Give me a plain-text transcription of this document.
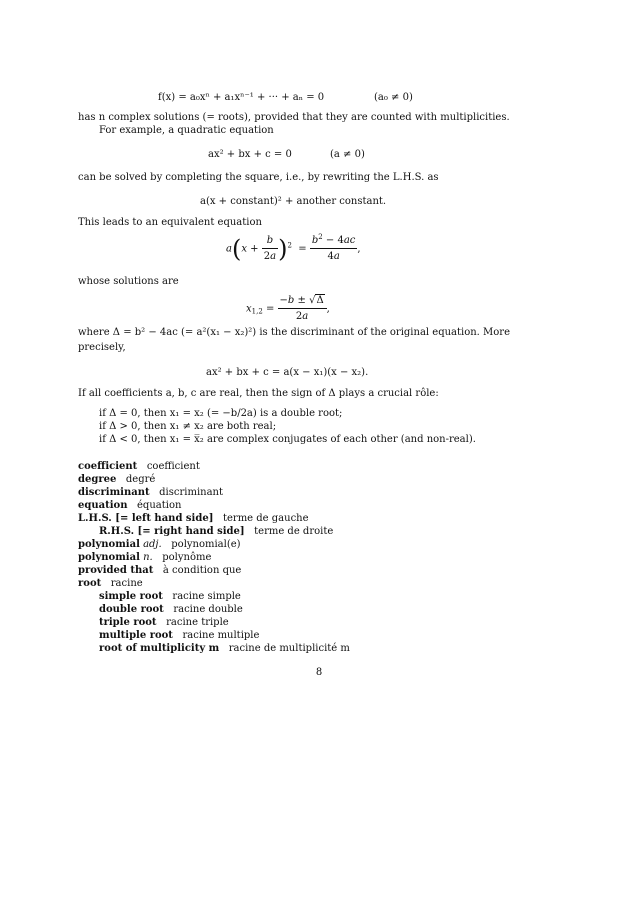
f(x) = a₀xⁿ + a₁xⁿ⁻¹ + ··· + aₙ = 0	(a₀ ≠ 0)
has n complex solutions (= roots), provided that they are counted with multiplicities.
For example, a quadratic equation
ax² + bx + c = 0	(a ≠ 0)
can be solved by completing the square, i.e., by rewriting the L.H.S. as
a(x + constant)² + another constant.
This leads to an equivalent equation
$a(x + \frac{b}{2a} )^2 = \frac{b^2 - 4ac}{4a}$ ,
whose solutions are
$x_{1,2} = \frac{-b \pm √\Delta}{2a}$ ,
where Δ = b² − 4ac (= a²(x₁ − x₂)²) is the discriminant of the original equation. More
precisely,
ax² + bx + c = a(x − x₁)(x − x₂).
If all coefficients a, b, c are real, then the sign of Δ plays a crucial rôle:
if Δ = 0, then x₁ = x₂ (= −b/2a) is a double root;
if Δ > 0, then x₁ ≠ x₂ are both real;
if Δ < 0, then x₁ = x̅₂ are complex conjugates of each other (and non-real).
coefficient coefficient
degree degré
discriminant discriminant
equation équation
L.H.S. [= left hand side] terme de gauche
R.H.S. [= right hand side] terme de droite
polynomial adj. polynomial(e)
polynomial n. polynôme
provided that à condition que
root racine
simple root racine simple
double root racine double
triple root racine triple
multiple root racine multiple
root of multiplicity m racine de multiplicité m
8
